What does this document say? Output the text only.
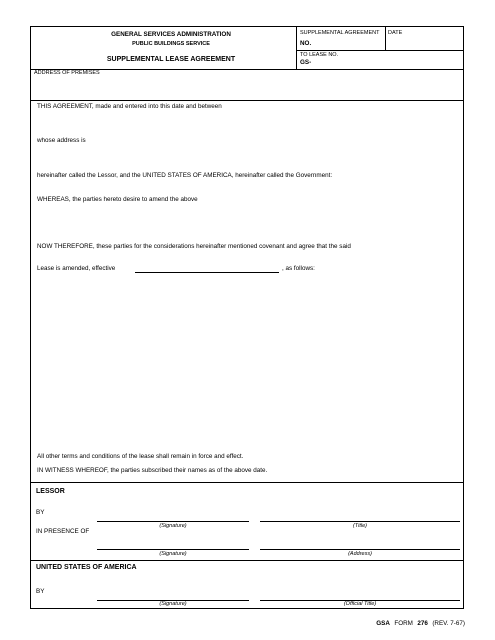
GENERAL SERVICES ADMINISTRATION
PUBLIC BUILDINGS SERVICE
SUPPLEMENTAL LEASE AGREEMENT
SUPPLEMENTAL AGREEMENT
NO.
DATE
TO LEASE NO.
GS-
ADDRESS OF PREMISES
THIS AGREEMENT, made and entered into this date and between
whose address is
hereinafter called the Lessor, and the UNITED STATES OF AMERICA, hereinafter called the Government:
WHEREAS, the parties hereto desire to amend the above
NOW THEREFORE, these parties for the considerations hereinafter mentioned covenant and agree that the said
Lease is amended, effective	, as follows:
All other terms and conditions of the lease shall remain in force and effect.
IN WITNESS WHEREOF, the parties subscribed their names as of the above date.
LESSOR
BY
(Signature)	(Title)
IN PRESENCE OF
(Signature)	(Address)
UNITED STATES OF AMERICA
BY
(Signature)	(Official Title)
GSA FORM 276 (REV. 7-67)
